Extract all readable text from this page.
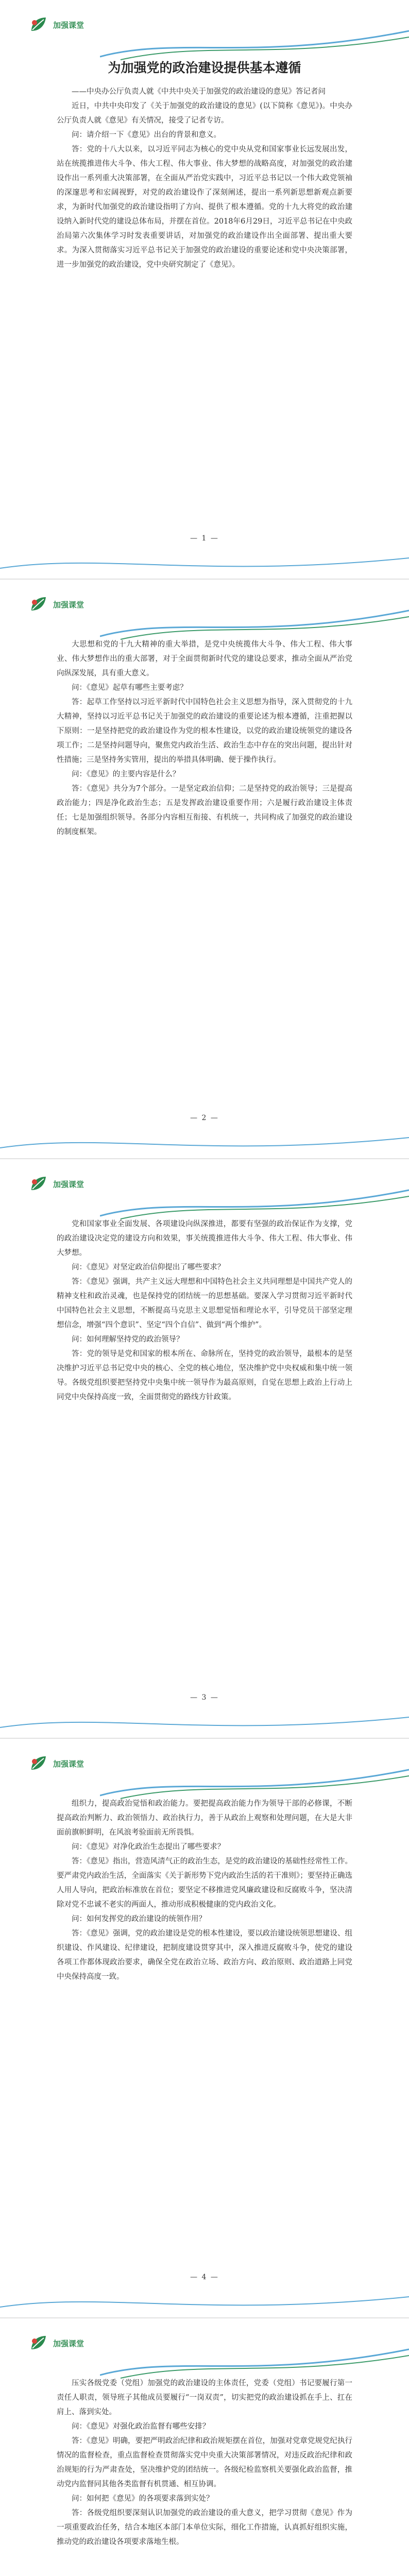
加强课堂
为加强党的政治建设提供基本遵循

——中央办公厅负责人就《中共中央关于加强党的政治建设的意见》答记者问

近日，中共中央印发了《关于加强党的政治建设的意见》(以下简称《意见》)。中央办公厅负责人就《意见》有关情况，接受了记者专访。

问：请介绍一下《意见》出台的背景和意义。

答：党的十八大以来，以习近平同志为核心的党中央从党和国家事业长远发展出发，站在统揽推进伟大斗争、伟大工程、伟大事业、伟大梦想的战略高度，对加强党的政治建设作出一系列重大决策部署，在全面从严治党实践中，习近平总书记以一个伟大政党领袖的深邃思考和宏阔视野，对党的政治建设作了深刻阐述，提出一系列新思想新观点新要求，为新时代加强党的政治建设指明了方向、提供了根本遵循。党的十九大将党的政治建设纳入新时代党的建设总体布局，并摆在首位。2018年6月29日，习近平总书记在中央政治局第六次集体学习时发表重要讲话，对加强党的政治建设作出全面部署、提出重大要求。为深入贯彻落实习近平总书记关于加强党的政治建设的重要论述和党中央决策部署，进一步加强党的政治建设，党中央研究制定了《意见》。

— 1 —
加强课堂

大思想和党的十九大精神的重大举措，是党中央统揽伟大斗争、伟大工程、伟大事业、伟大梦想作出的重大部署，对于全面贯彻新时代党的建设总要求，推动全面从严治党向纵深发展，具有重大意义。

问：《意见》起草有哪些主要考虑？

答：起草工作坚持以习近平新时代中国特色社会主义思想为指导，深入贯彻党的十九大精神，坚持以习近平总书记关于加强党的政治建设的重要论述为根本遵循，注重把握以下原则：一是坚持把党的政治建设作为党的根本性建设，以党的政治建设统领党的建设各项工作；二是坚持问题导向，聚焦党内政治生活、政治生态中存在的突出问题，提出针对性措施；三是坚持务实管用，提出的举措具体明确、便于操作执行。

问：《意见》的主要内容是什么？

答：《意见》共分为7个部分。一是坚定政治信仰；二是坚持党的政治领导；三是提高政治能力；四是净化政治生态；五是发挥政治建设重要作用；六是履行政治建设主体责任；七是加强组织领导。各部分内容相互衔接、有机统一，共同构成了加强党的政治建设的制度框架。

— 2 —
加强课堂

党和国家事业全面发展、各项建设向纵深推进，都要有坚强的政治保证作为支撑，党的政治建设决定党的建设方向和效果，事关统揽推进伟大斗争、伟大工程、伟大事业、伟大梦想。

问：《意见》对坚定政治信仰提出了哪些要求？

答：《意见》强调，共产主义远大理想和中国特色社会主义共同理想是中国共产党人的精神支柱和政治灵魂，也是保持党的团结统一的思想基础。要深入学习贯彻习近平新时代中国特色社会主义思想，不断提高马克思主义思想觉悟和理论水平，引导党员干部坚定理想信念，增强“四个意识”、坚定“四个自信”、做到“两个维护”。

问：如何理解坚持党的政治领导？

答：党的领导是党和国家的根本所在、命脉所在，坚持党的政治领导，最根本的是坚决维护习近平总书记党中央的核心、全党的核心地位，坚决维护党中央权威和集中统一领导。各级党组织要把坚持党中央集中统一领导作为最高原则，自觉在思想上政治上行动上同党中央保持高度一致，全面贯彻党的路线方针政策。

— 3 —
加强课堂

组织力，提高政治觉悟和政治能力。要把提高政治能力作为领导干部的必修课，不断提高政治判断力、政治领悟力、政治执行力，善于从政治上观察和处理问题，在大是大非面前旗帜鲜明，在风浪考验面前无所畏惧。

问：《意见》对净化政治生态提出了哪些要求？

答：《意见》指出，营造风清气正的政治生态，是党的政治建设的基础性经常性工作。要严肃党内政治生活，全面落实《关于新形势下党内政治生活的若干准则》；要坚持正确选人用人导向，把政治标准放在首位；要坚定不移推进党风廉政建设和反腐败斗争，坚决清除对党不忠诚不老实的两面人，推动形成积极健康的党内政治文化。

问：如何发挥党的政治建设的统领作用？

答：《意见》强调，党的政治建设是党的根本性建设，要以政治建设统领思想建设、组织建设、作风建设、纪律建设，把制度建设贯穿其中，深入推进反腐败斗争，使党的建设各项工作都体现政治要求，确保全党在政治立场、政治方向、政治原则、政治道路上同党中央保持高度一致。

— 4 —
加强课堂

压实各级党委（党组）加强党的政治建设的主体责任，党委（党组）书记要履行第一责任人职责，领导班子其他成员要履行“一岗双责”，切实把党的政治建设抓在手上、扛在肩上、落到实处。

问：《意见》对强化政治监督有哪些安排？

答：《意见》明确，要把严明政治纪律和政治规矩摆在首位，加强对党章党规党纪执行情况的监督检查，重点监督检查贯彻落实党中央重大决策部署情况，对违反政治纪律和政治规矩的行为严肃查处，坚决维护党的团结统一。各级纪检监察机关要强化政治监督，推动党内监督同其他各类监督有机贯通、相互协调。

问：如何把《意见》的各项要求落到实处？

答：各级党组织要深刻认识加强党的政治建设的重大意义，把学习贯彻《意见》作为一项重要政治任务，结合本地区本部门本单位实际，细化工作措施，认真抓好组织实施，推动党的政治建设各项要求落地生根。
